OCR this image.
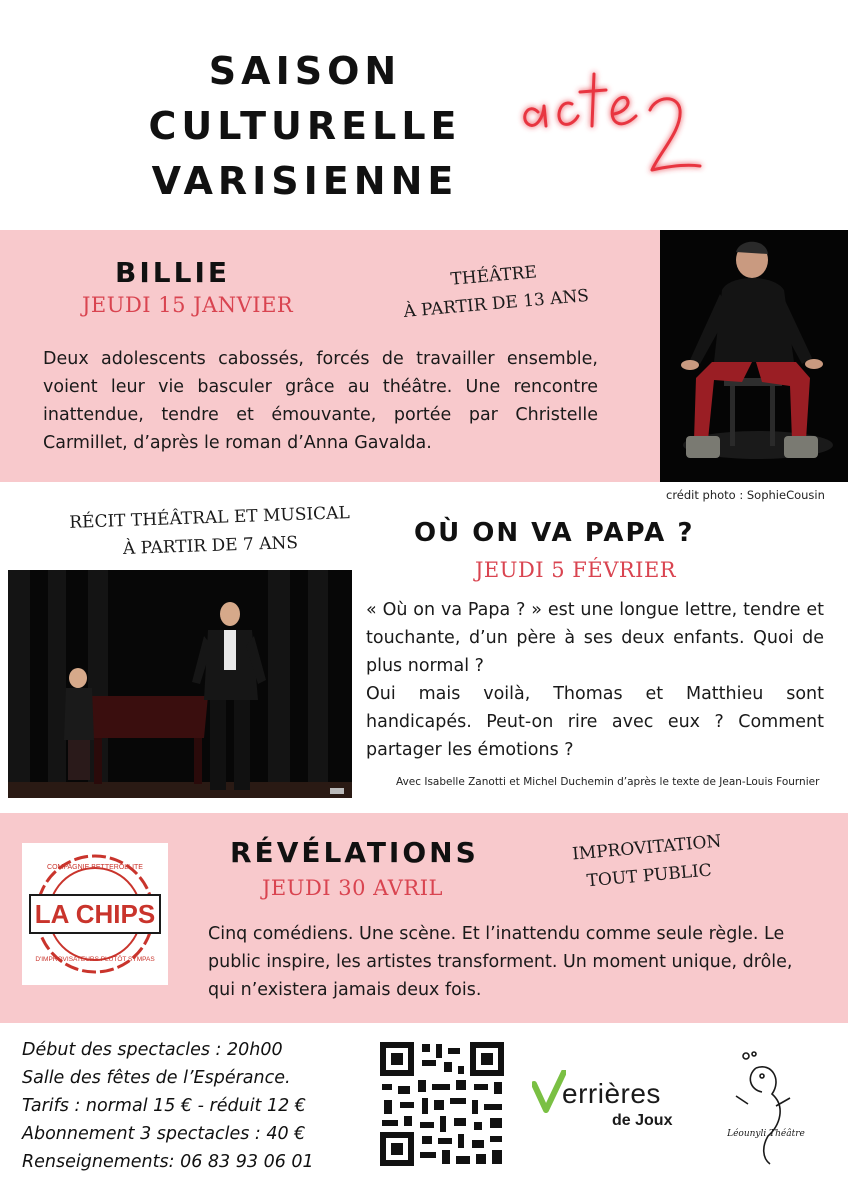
SAISON
CULTURELLE
VARISIENNE
BILLIE
JEUDI 15 JANVIER
THÉÂTRE
À PARTIR DE 13 ANS
Deux adolescents cabossés, forcés de travailler ensemble, voient leur vie basculer grâce au théâtre. Une rencontre inattendue, tendre et émouvante, portée par Christelle Carmillet, d’après le roman d’Anna Gavalda.
crédit photo : SophieCousin
RÉCIT THÉÂTRAL ET MUSICAL
À PARTIR DE 7 ANS	OÙ ON VA PAPA ?
JEUDI 5 FÉVRIER
« Où on va Papa ? » est une longue lettre, tendre et touchante, d’un père à ses deux enfants. Quoi de plus normal ?
Oui mais voilà, Thomas et Matthieu sont handicapés. Peut-on rire avec eux ? Comment partager les émotions ?
Avec Isabelle Zanotti et Michel Duchemin d’après le texte de Jean-Louis Fournier
LA CHIPS
COMPAGNIE BETTEROLLITE
D'IMPROVISATEURS PLUTÔT SYMPAS
RÉVÉLATIONS
JEUDI 30 AVRIL
IMPROVITATION
TOUT PUBLIC
Cinq comédiens. Une scène. Et l’inattendu comme seule règle. Le public inspire, les artistes transforment. Un moment unique, drôle, qui n’existera jamais deux fois.
Début des spectacles : 20h00
Salle des fêtes de l’Espérance.
Tarifs : normal 15 € - réduit 12 €
Abonnement 3 spectacles : 40 €
Renseignements: 06 83 93 06 01
errières
de Joux
Léounyli Théâtre
